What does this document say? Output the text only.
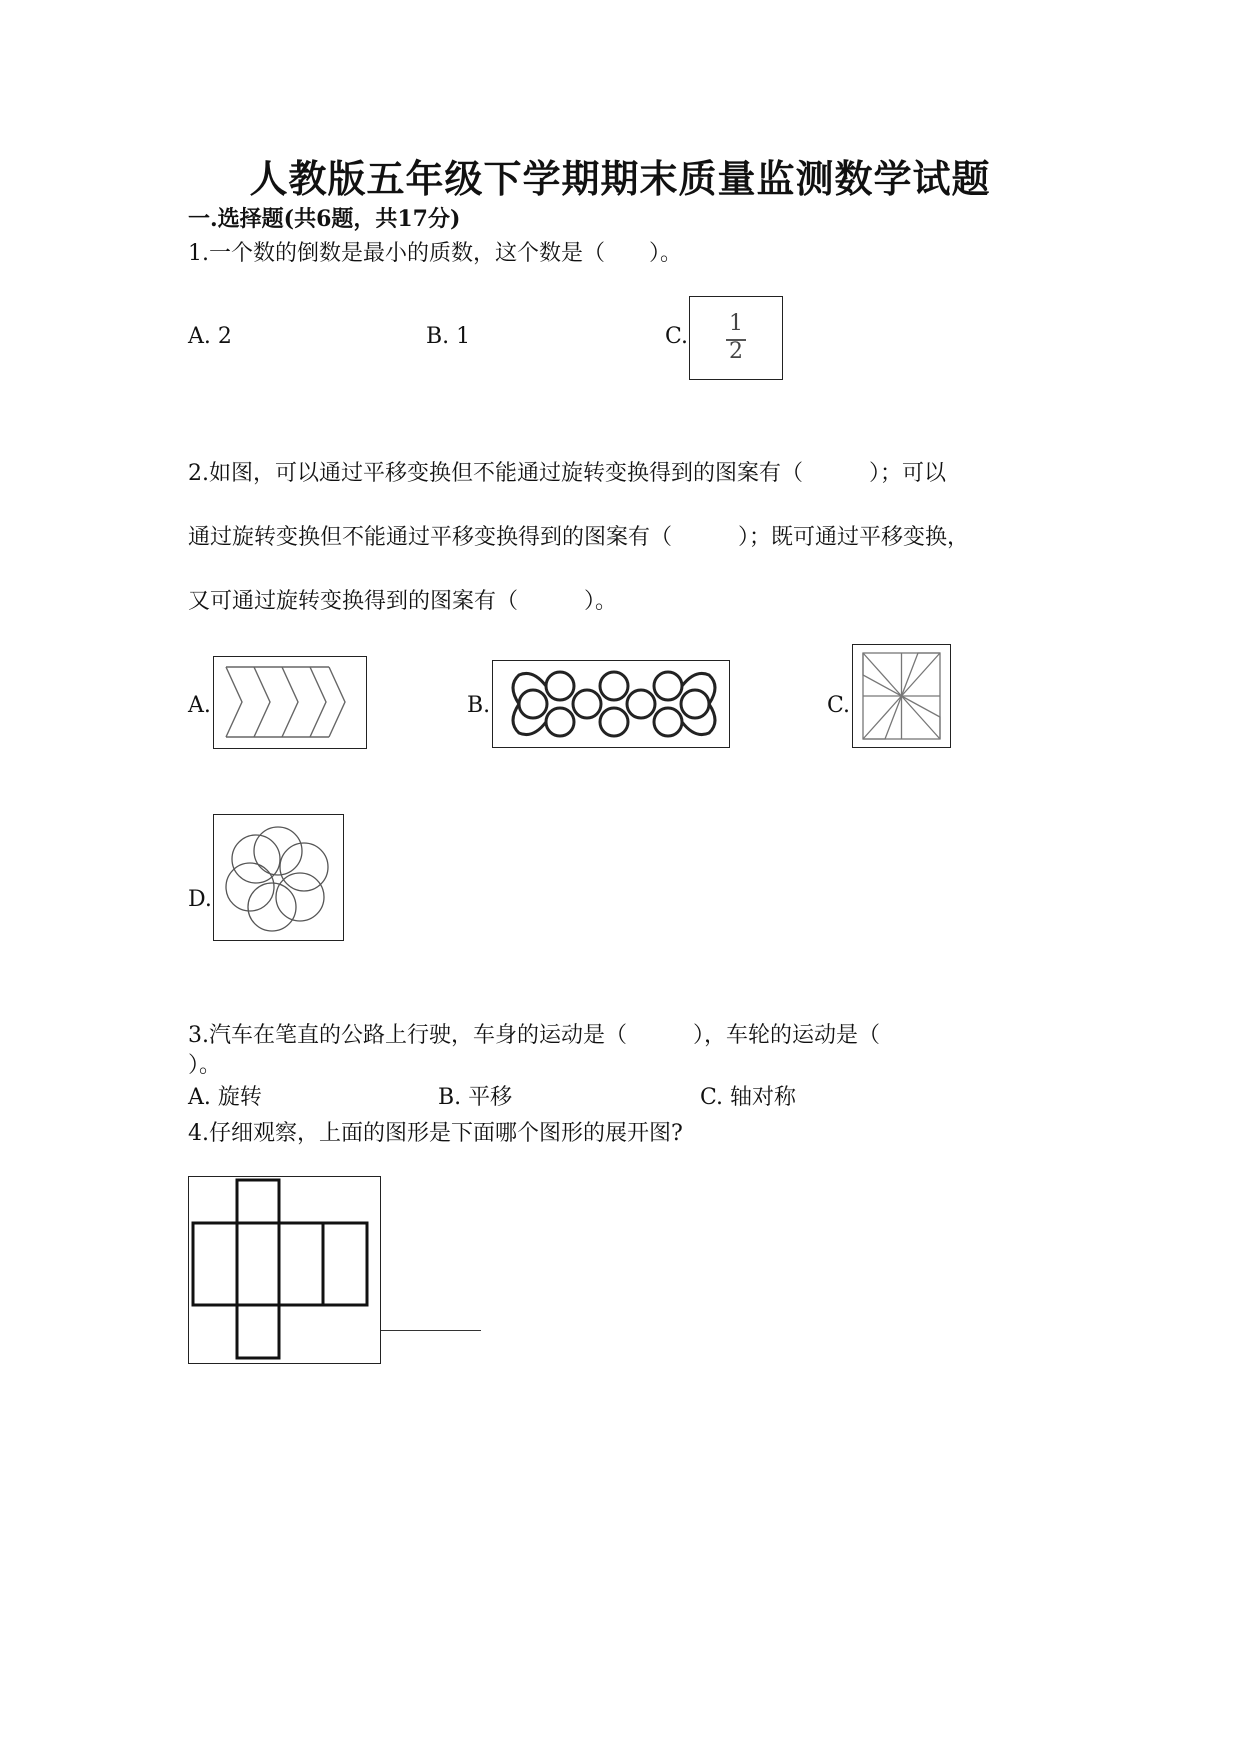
人教版五年级下学期期末质量监测数学试题
一.选择题(共6题，共17分)
1.一个数的倒数是最小的质数，这个数是（　　）。
A. 2	B. 1	C.
1
2
2.如图，可以通过平移变换但不能通过旋转变换得到的图案有（　　　）；可以
通过旋转变换但不能通过平移变换得到的图案有（　　　）；既可通过平移变换，
又可通过旋转变换得到的图案有（　　　）。
A.	B.	C.
D.
3.汽车在笔直的公路上行驶，车身的运动是（　　　），车轮的运动是（
）。
A. 旋转	B. 平移	C. 轴对称
4.仔细观察，上面的图形是下面哪个图形的展开图?
